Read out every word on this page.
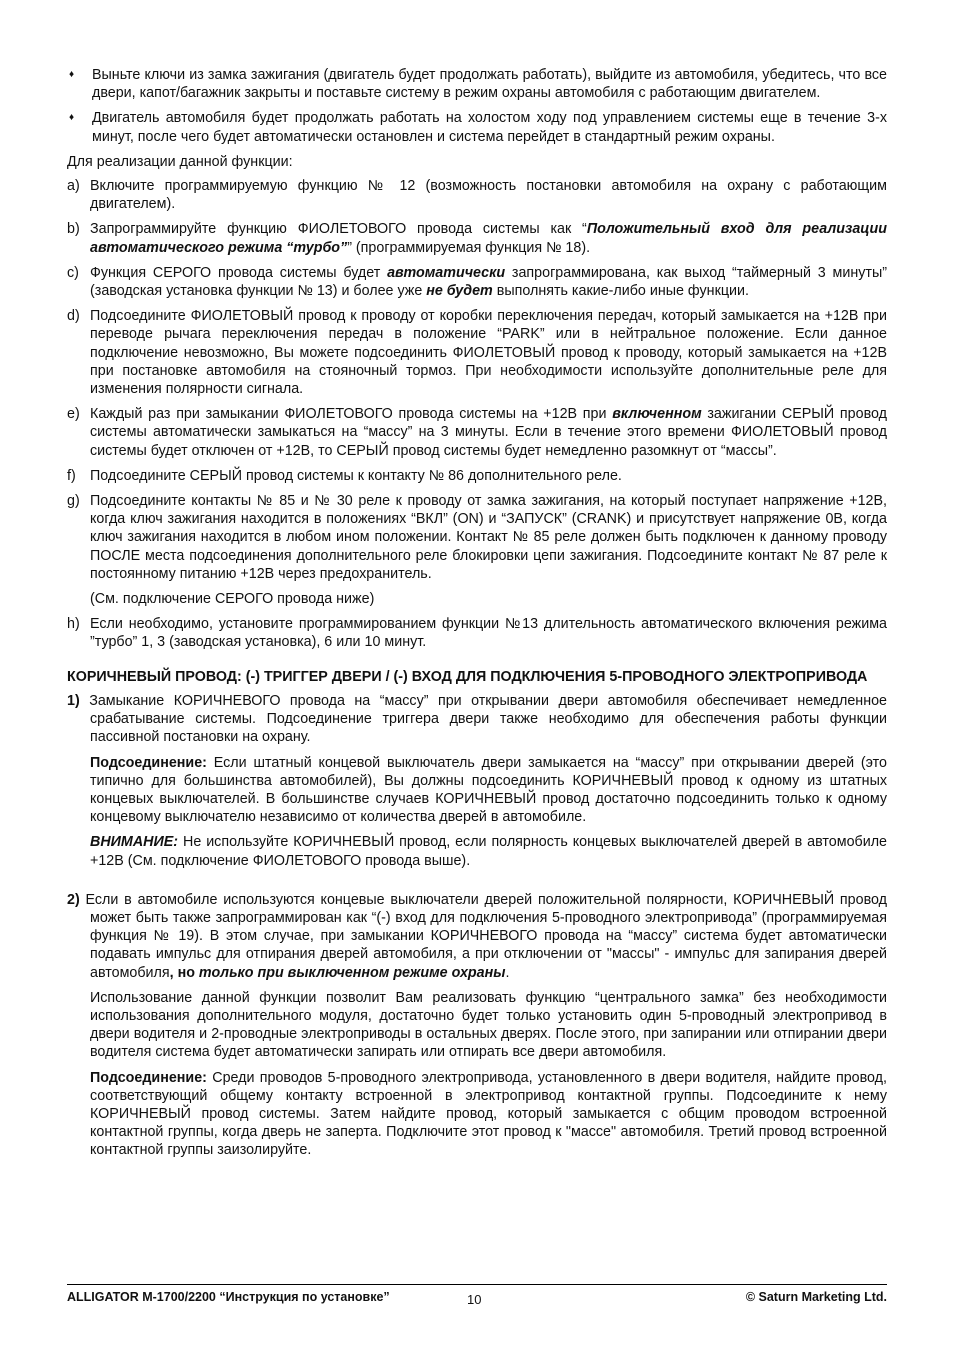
♦	Выньте ключи из замка зажигания (двигатель будет продолжать работать), выйдите из автомобиля, убедитесь, что все двери, капот/багажник закрыты и поставьте систему в режим охраны автомобиля с работающим двигателем.
♦	Двигатель автомобиля будет продолжать работать на холостом ходу под управлением системы еще в течение 3-х минут, после чего будет автоматически остановлен и система перейдет в стандартный режим охраны.
Для реализации данной функции:
a) Включите программируемую функцию № 12 (возможность постановки автомобиля на охрану с работающим двигателем).
b) Запрограммируйте функцию ФИОЛЕТОВОГО провода системы как “Положительный вход для реализации автоматического режима “турбо”” (программируемая функция № 18).
c) Функция СЕРОГО провода системы будет автоматически запрограммирована, как выход “таймерный 3 минуты” (заводская установка функции № 13) и более уже не будет выполнять какие-либо иные функции.
d) Подсоедините ФИОЛЕТОВЫЙ провод к проводу от коробки переключения передач, который замыкается на +12В при переводе рычага переключения передач в положение “PARK” или в нейтральное положение. Если данное подключение невозможно, Вы можете подсоединить ФИОЛЕТОВЫЙ провод к проводу, который замыкается на +12В при постановке автомобиля на стояночный тормоз. При необходимости используйте дополнительные реле для изменения полярности сигнала.
e) Каждый раз при замыкании ФИОЛЕТОВОГО провода системы на +12В при включенном зажигании СЕРЫЙ провод системы автоматически замыкаться на “массу” на 3 минуты. Если в течение этого времени ФИОЛЕТОВЫЙ провод системы будет отключен от +12В, то СЕРЫЙ провод системы будет немедленно разомкнут от “массы”.
f) Подсоедините СЕРЫЙ провод системы к контакту № 86 дополнительного реле.
g) Подсоедините контакты № 85 и № 30 реле к проводу от замка зажигания, на который поступает напряжение +12В, когда ключ зажигания находится в положениях “ВКЛ” (ON) и “ЗАПУСК” (CRANK) и присутствует напряжение 0В, когда ключ зажигания находится в любом ином положении. Контакт № 85 реле должен быть подключен к данному проводу ПОСЛЕ места подсоединения дополнительного реле блокировки цепи зажигания. Подсоедините контакт № 87 реле к постоянному питанию +12В через предохранитель.
(См. подключение СЕРОГО провода ниже)
h) Если необходимо, установите программированием функции №13 длительность автоматического включения режима ”турбо” 1, 3 (заводская установка), 6 или 10 минут.
КОРИЧНЕВЫЙ ПРОВОД: (-) ТРИГГЕР ДВЕРИ / (-) ВХОД ДЛЯ ПОДКЛЮЧЕНИЯ 5-ПРОВОДНОГО ЭЛЕКТРОПРИВОДА
1) Замыкание КОРИЧНЕВОГО провода на “массу” при открывании двери автомобиля обеспечивает немедленное срабатывание системы. Подсоединение триггера двери также необходимо для обеспечения работы функции пассивной постановки на охрану.
Подсоединение: Если штатный концевой выключатель двери замыкается на “массу” при открывании дверей (это типично для большинства автомобилей), Вы должны подсоединить КОРИЧНЕВЫЙ провод к одному из штатных концевых выключателей. В большинстве случаев КОРИЧНЕВЫЙ провод достаточно подсоединить только к одному концевому выключателю независимо от количества дверей в автомобиле.
ВНИМАНИЕ: Не используйте КОРИЧНЕВЫЙ провод, если полярность концевых выключателей дверей в автомобиле +12В (См. подключение ФИОЛЕТОВОГО провода выше).
2) Если в автомобиле используются концевые выключатели дверей положительной полярности, КОРИЧНЕВЫЙ провод может быть также запрограммирован как “(-) вход для подключения 5-проводного электропривода” (программируемая функция № 19). В этом случае, при замыкании КОРИЧНЕВОГО провода на “массу” система будет автоматически подавать импульс для отпирания дверей автомобиля, а при отключении от "массы" - импульс для запирания дверей автомобиля, но только при выключенном режиме охраны.
Использование данной функции позволит Вам реализовать функцию “центрального замка” без необходимости использования дополнительного модуля, достаточно будет только установить один 5-проводный электропривод в двери водителя и 2-проводные электроприводы в остальных дверях. После этого, при запирании или отпирании двери водителя система будет автоматически запирать или отпирать все двери автомобиля.
Подсоединение: Среди проводов 5-проводного электропривода, установленного в двери водителя, найдите провод, соответствующий общему контакту встроенной в электропривод контактной группы. Подсоедините к нему КОРИЧНЕВЫЙ провод системы. Затем найдите провод, который замыкается с общим проводом встроенной контактной группы, когда дверь не заперта. Подключите этот провод к "массе" автомобиля. Третий провод встроенной контактной группы заизолируйте.
ALLIGATOR M-1700/2200 “Инструкция по установке”	10	© Saturn Marketing Ltd.
